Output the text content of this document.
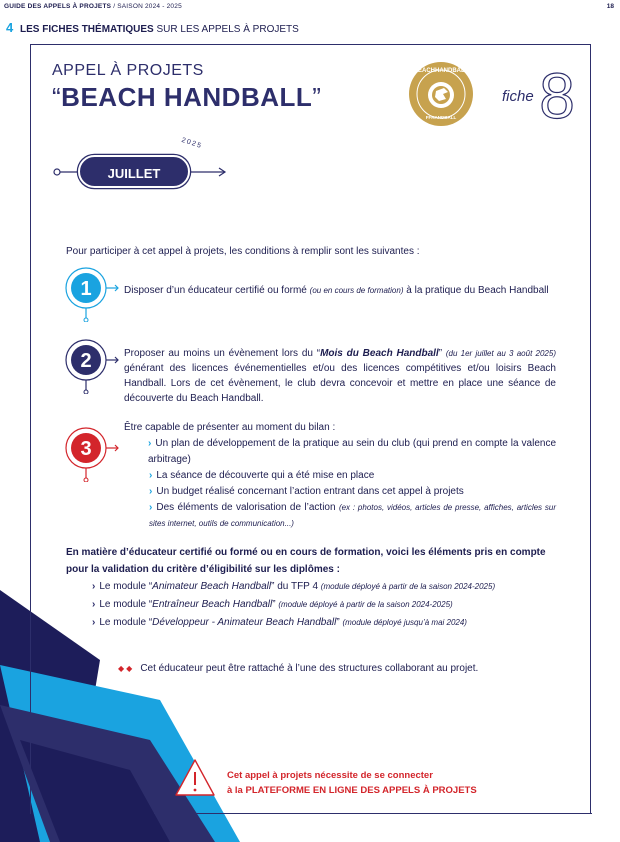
GUIDE DES APPELS À PROJETS / SAISON 2024 - 2025	18
4 LES FICHES THÉMATIQUES SUR LES APPELS À PROJETS
APPEL À PROJETS
“BEACH HANDBALL”
BEACHHANDBALL
FFHANDBALL
fiche 8
JUILLET
2025
Pour participer à cet appel à projets, les conditions à remplir sont les suivantes :
1	Disposer d’un éducateur certifié ou formé (ou en cours de formation) à la pratique du Beach Handball
2	Proposer au moins un évènement lors du “Mois du Beach Handball” (du 1er juillet au 3 août 2025) générant des licences événementielles et/ou des licences compétitives et/ou loisirs Beach Handball. Lors de cet évènement, le club devra concevoir et mettre en place une séance de découverte du Beach Handball.
3
Être capable de présenter au moment du bilan :
› Un plan de développement de la pratique au sein du club (qui prend en compte la valence arbitrage)
› La séance de découverte qui a été mise en place
› Un budget réalisé concernant l’action entrant dans cet appel à projets
› Des éléments de valorisation de l’action (ex : photos, vidéos, articles de presse, affiches, articles sur sites internet, outils de communication...)
En matière d’éducateur certifié ou formé ou en cours de formation, voici les éléments pris en compte pour la validation du critère d’éligibilité sur les diplômes :
› Le module “Animateur Beach Handball” du TFP 4 (module déployé à partir de la saison 2024-2025)
› Le module “Entraîneur Beach Handball” (module déployé à partir de la saison 2024-2025)
› Le module “Développeur - Animateur Beach Handball” (module déployé jusqu’à mai 2024)
◆◆ Cet éducateur peut être rattaché à l’une des structures collaborant au projet.
Cet appel à projets nécessite de se connecter
à la PLATEFORME EN LIGNE DES APPELS À PROJETS
